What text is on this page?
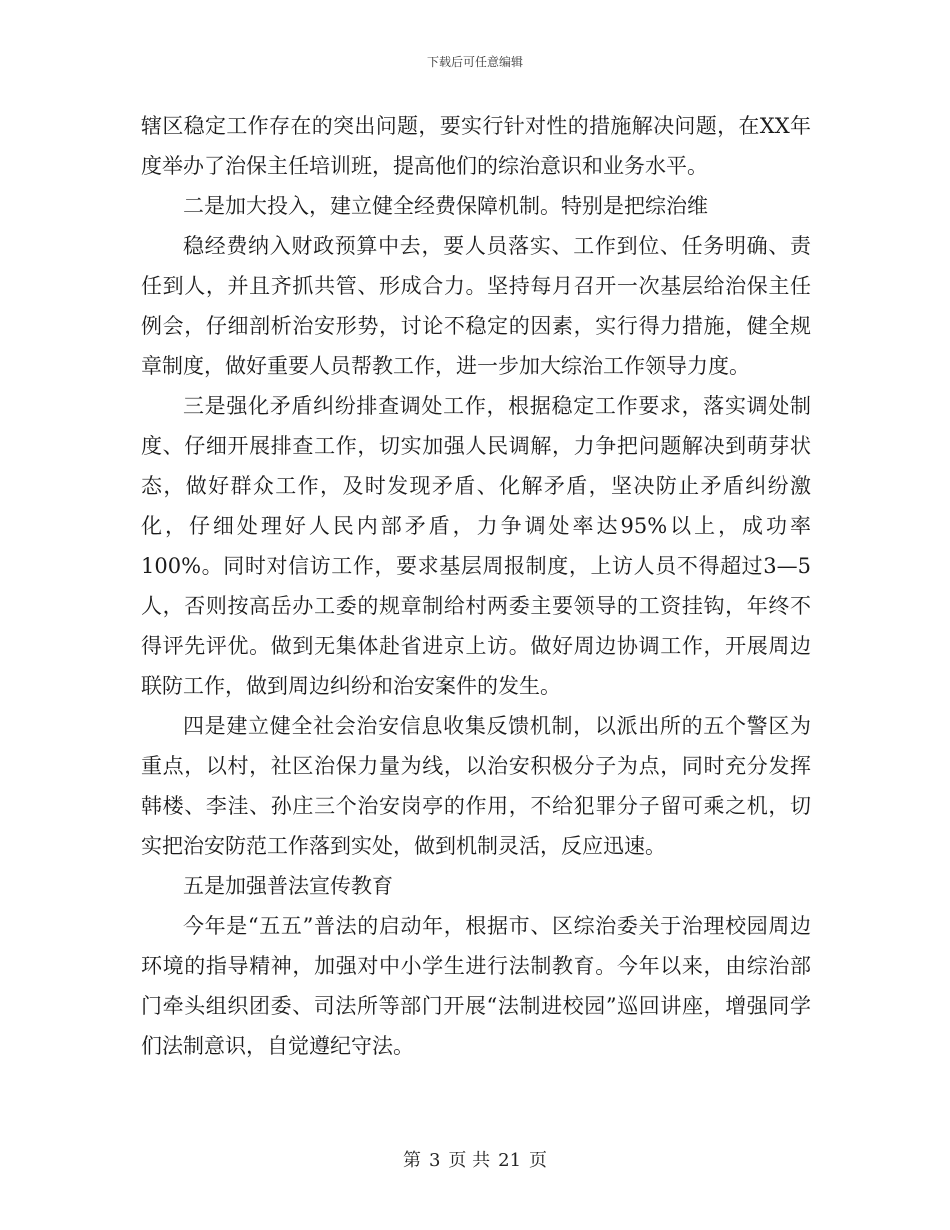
下载后可任意编辑

辖区稳定工作存在的突出问题，要实行针对性的措施解决问题，在XX年度举办了治保主任培训班，提高他们的综治意识和业务水平。

二是加大投入，建立健全经费保障机制。特别是把综治维

稳经费纳入财政预算中去，要人员落实、工作到位、任务明确、责任到人，并且齐抓共管、形成合力。坚持每月召开一次基层给治保主任例会，仔细剖析治安形势，讨论不稳定的因素，实行得力措施，健全规章制度，做好重要人员帮教工作，进一步加大综治工作领导力度。

三是强化矛盾纠纷排查调处工作，根据稳定工作要求，落实调处制度、仔细开展排查工作，切实加强人民调解，力争把问题解决到萌芽状态，做好群众工作，及时发现矛盾、化解矛盾，坚决防止矛盾纠纷激化，仔细处理好人民内部矛盾，力争调处率达95%以上，成功率100%。同时对信访工作，要求基层周报制度，上访人员不得超过3—5人，否则按高岳办工委的规章制给村两委主要领导的工资挂钩，年终不得评先评优。做到无集体赴省进京上访。做好周边协调工作，开展周边联防工作，做到周边纠纷和治安案件的发生。

四是建立健全社会治安信息收集反馈机制，以派出所的五个警区为重点，以村，社区治保力量为线，以治安积极分子为点，同时充分发挥韩楼、李洼、孙庄三个治安岗亭的作用，不给犯罪分子留可乘之机，切实把治安防范工作落到实处，做到机制灵活，反应迅速。

五是加强普法宣传教育

今年是“五五”普法的启动年，根据市、区综治委关于治理校园周边环境的指导精神，加强对中小学生进行法制教育。今年以来，由综治部门牵头组织团委、司法所等部门开展“法制进校园”巡回讲座，增强同学们法制意识，自觉遵纪守法。

第 3 页 共 21 页
